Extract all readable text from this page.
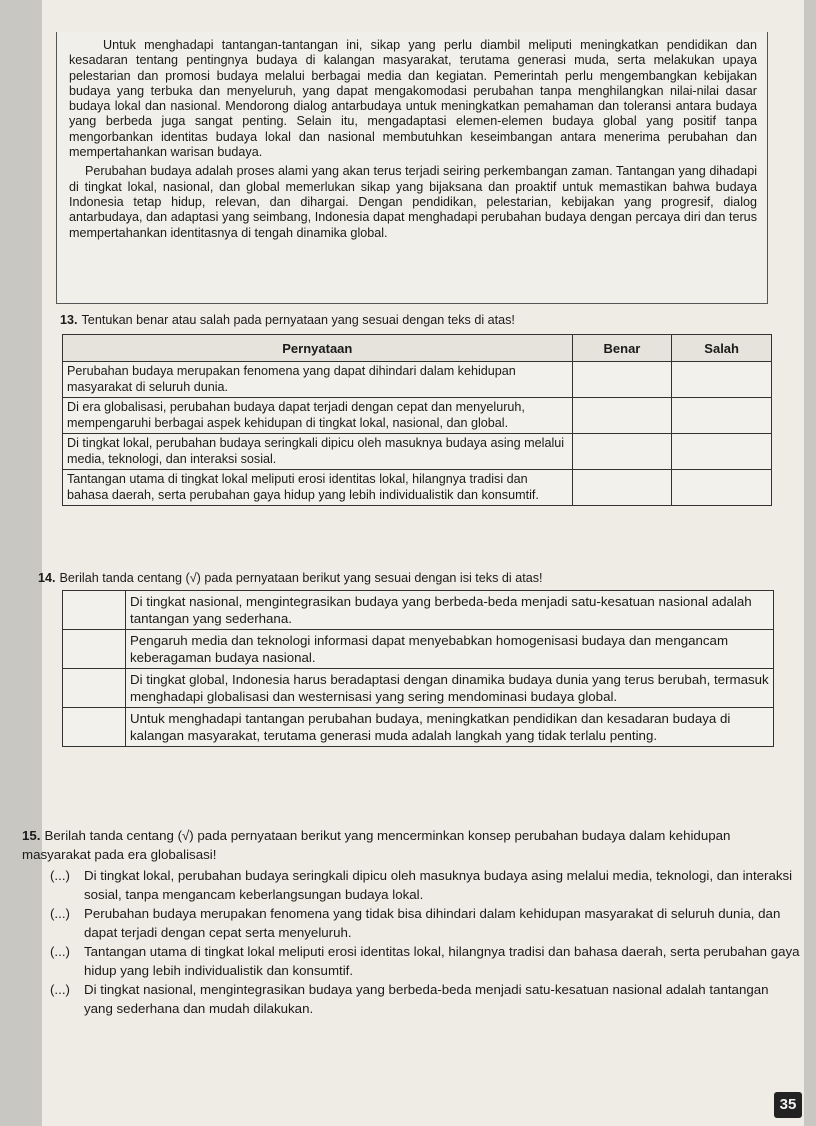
Untuk menghadapi tantangan-tantangan ini, sikap yang perlu diambil meliputi meningkatkan pendidikan dan kesadaran tentang pentingnya budaya di kalangan masyarakat, terutama generasi muda, serta melakukan upaya pelestarian dan promosi budaya melalui berbagai media dan kegiatan. Pemerintah perlu mengembangkan kebijakan budaya yang terbuka dan menyeluruh, yang dapat mengakomodasi perubahan tanpa menghilangkan nilai-nilai dasar budaya lokal dan nasional. Mendorong dialog antarbudaya untuk meningkatkan pemahaman dan toleransi antara budaya yang berbeda juga sangat penting. Selain itu, mengadaptasi elemen-elemen budaya global yang positif tanpa mengorbankan identitas budaya lokal dan nasional membutuhkan keseimbangan antara menerima perubahan dan mempertahankan warisan budaya.

Perubahan budaya adalah proses alami yang akan terus terjadi seiring perkembangan zaman. Tantangan yang dihadapi di tingkat lokal, nasional, dan global memerlukan sikap yang bijaksana dan proaktif untuk memastikan bahwa budaya Indonesia tetap hidup, relevan, dan dihargai. Dengan pendidikan, pelestarian, kebijakan yang progresif, dialog antarbudaya, dan adaptasi yang seimbang, Indonesia dapat menghadapi perubahan budaya dengan percaya diri dan terus mempertahankan identitasnya di tengah dinamika global.

13. Tentukan benar atau salah pada pernyataan yang sesuai dengan teks di atas!
Pernyataan	Benar	Salah
Perubahan budaya merupakan fenomena yang dapat dihindari dalam kehidupan masyarakat di seluruh dunia.		
Di era globalisasi, perubahan budaya dapat terjadi dengan cepat dan menyeluruh, mempengaruhi berbagai aspek kehidupan di tingkat lokal, nasional, dan global.		
Di tingkat lokal, perubahan budaya seringkali dipicu oleh masuknya budaya asing melalui media, teknologi, dan interaksi sosial.		
Tantangan utama di tingkat lokal meliputi erosi identitas lokal, hilangnya tradisi dan bahasa daerah, serta perubahan gaya hidup yang lebih individualistik dan konsumtif.		
14. Berilah tanda centang (√) pada pernyataan berikut yang sesuai dengan isi teks di atas!
	Di tingkat nasional, mengintegrasikan budaya yang berbeda-beda menjadi satu-kesatuan nasional adalah tantangan yang sederhana.
	Pengaruh media dan teknologi informasi dapat menyebabkan homogenisasi budaya dan mengancam keberagaman budaya nasional.
	Di tingkat global, Indonesia harus beradaptasi dengan dinamika budaya dunia yang terus berubah, termasuk menghadapi globalisasi dan westernisasi yang sering mendominasi budaya global.
	Untuk menghadapi tantangan perubahan budaya, meningkatkan pendidikan dan kesadaran budaya di kalangan masyarakat, terutama generasi muda adalah langkah yang tidak terlalu penting.
15. Berilah tanda centang (√) pada pernyataan berikut yang mencerminkan konsep perubahan budaya dalam kehidupan masyarakat pada era globalisasi!
(...)	Di tingkat lokal, perubahan budaya seringkali dipicu oleh masuknya budaya asing melalui media, teknologi, dan interaksi sosial, tanpa mengancam keberlangsungan budaya lokal.
(...)	Perubahan budaya merupakan fenomena yang tidak bisa dihindari dalam kehidupan masyarakat di seluruh dunia, dan dapat terjadi dengan cepat serta menyeluruh.
(...)	Tantangan utama di tingkat lokal meliputi erosi identitas lokal, hilangnya tradisi dan bahasa daerah, serta perubahan gaya hidup yang lebih individualistik dan konsumtif.
(...)	Di tingkat nasional, mengintegrasikan budaya yang berbeda-beda menjadi satu-kesatuan nasional adalah tantangan yang sederhana dan mudah dilakukan.
35
